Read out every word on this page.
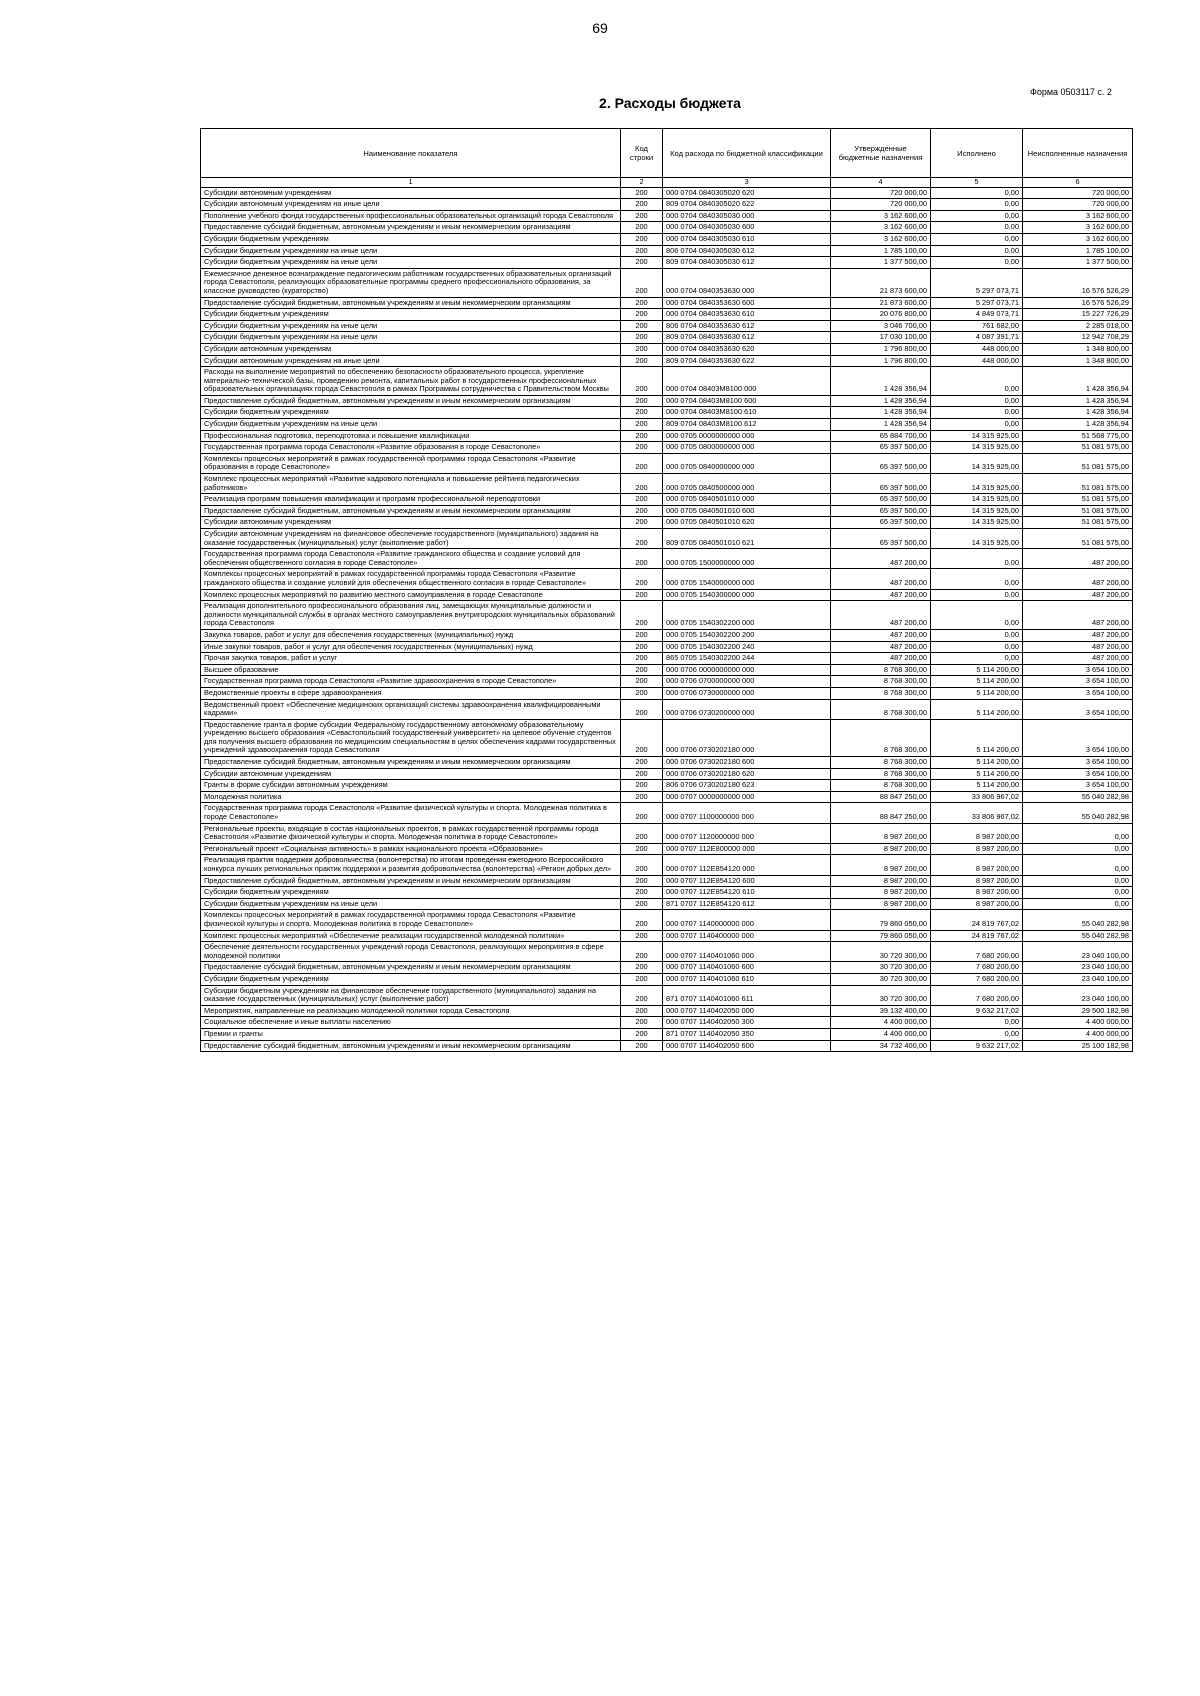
69
2. Расходы бюджета
Форма 0503117 с. 2
Наименование показателя	Код строки	Код расхода по бюджетной классификации	Утвержденные бюджетные назначения	Исполнено	Неисполненные назначения
1	2	3	4	5	6
Субсидии автономным учреждениям	200	000 0704 0840305020 620	720 000,00	0,00	720 000,00
Субсидии автономным учреждениям на иные цели	200	809 0704 0840305020 622	720 000,00	0,00	720 000,00
Пополнение учебного фонда государственных профессиональных образовательных организаций города Севастополя	200	000 0704 0840305030 000	3 162 600,00	0,00	3 162 600,00
Предоставление субсидий бюджетным, автономным учреждениям и иным некоммерческим организациям	200	000 0704 0840305030 600	3 162 600,00	0,00	3 162 600,00
Субсидии бюджетным учреждениям	200	000 0704 0840305030 610	3 162 600,00	0,00	3 162 600,00
Субсидии бюджетным учреждениям на иные цели	200	806 0704 0840305030 612	1 785 100,00	0,00	1 785 100,00
Субсидии бюджетным учреждениям на иные цели	200	809 0704 0840305030 612	1 377 500,00	0,00	1 377 500,00
Ежемесячное денежное вознаграждение педагогическим работникам государственных образовательных организаций города Севастополя, реализующих образовательные программы среднего профессионального образования, за классное руководство (кураторство)	200	000 0704 0840353630 000	21 873 600,00	5 297 073,71	16 576 526,29
Предоставление субсидий бюджетным, автономным учреждениям и иным некоммерческим организациям	200	000 0704 0840353630 600	21 873 600,00	5 297 073,71	16 576 526,29
Субсидии бюджетным учреждениям	200	000 0704 0840353630 610	20 076 800,00	4 849 073,71	15 227 726,29
Субсидии бюджетным учреждениям на иные цели	200	806 0704 0840353630 612	3 046 700,00	761 682,00	2 285 018,00
Субсидии бюджетным учреждениям на иные цели	200	809 0704 0840353630 612	17 030 100,00	4 087 391,71	12 942 708,29
Субсидии автономным учреждениям	200	000 0704 0840353630 620	1 796 800,00	448 000,00	1 348 800,00
Субсидии автономным учреждениям на иные цели	200	809 0704 0840353630 622	1 796 800,00	448 000,00	1 348 800,00
Расходы на выполнение мероприятий по обеспечению безопасности образовательного процесса, укрепление материально-технической базы, проведению ремонта, капитальных работ в государственных профессиональных образовательных организациях города Севастополя в рамках Программы сотрудничества с Правительством Москвы	200	000 0704 08403М8100 000	1 428 356,94	0,00	1 428 356,94
Предоставление субсидий бюджетным, автономным учреждениям и иным некоммерческим организациям	200	000 0704 08403М8100 600	1 428 356,94	0,00	1 428 356,94
Субсидии бюджетным учреждениям	200	000 0704 08403М8100 610	1 428 356,94	0,00	1 428 356,94
Субсидии бюджетным учреждениям на иные цели	200	809 0704 08403М8100 612	1 428 356,94	0,00	1 428 356,94
Профессиональная подготовка, переподготовка и повышение квалификации	200	000 0705 0000000000 000	65 884 700,00	14 315 925,00	51 568 775,00
Государственная программа города Севастополя «Развитие образования в городе Севастополе»	200	000 0705 0800000000 000	65 397 500,00	14 315 925,00	51 081 575,00
Комплексы процессных мероприятий в рамках государственной программы города Севастополя «Развитие образования в городе Севастополе»	200	000 0705 0840000000 000	65 397 500,00	14 315 925,00	51 081 575,00
Комплекс процессных мероприятий «Развитие кадрового потенциала и повышение рейтинга педагогических работников»	200	000 0705 0840500000 000	65 397 500,00	14 315 925,00	51 081 575,00
Реализация программ повышения квалификации и программ профессиональной переподготовки	200	000 0705 0840501010 000	65 397 500,00	14 315 925,00	51 081 575,00
Предоставление субсидий бюджетным, автономным учреждениям и иным некоммерческим организациям	200	000 0705 0840501010 600	65 397 500,00	14 315 925,00	51 081 575,00
Субсидии автономным учреждениям	200	000 0705 0840501010 620	65 397 500,00	14 315 925,00	51 081 575,00
Субсидии автономным учреждениям на финансовое обеспечение государственного (муниципального) задания на оказание государственных (муниципальных) услуг (выполнение работ)	200	809 0705 0840501010 621	65 397 500,00	14 315 925,00	51 081 575,00
Государственная программа города Севастополя «Развитие гражданского общества и создание условий для обеспечения общественного согласия в городе Севастополе»	200	000 0705 1500000000 000	487 200,00	0,00	487 200,00
Комплексы процессных мероприятий в рамках государственной программы города Севастополя «Развитие гражданского общества и создание условий для обеспечения общественного согласия в городе Севастополе»	200	000 0705 1540000000 000	487 200,00	0,00	487 200,00
Комплекс процессных мероприятий по развитию местного самоуправления в городе Севастополе	200	000 0705 1540300000 000	487 200,00	0,00	487 200,00
Реализация дополнительного профессионального образования лиц, замещающих муниципальные должности и должности муниципальной службы в органах местного самоуправления внутригородских муниципальных образований города Севастополя	200	000 0705 1540302200 000	487 200,00	0,00	487 200,00
Закупка товаров, работ и услуг для обеспечения государственных (муниципальных) нужд	200	000 0705 1540302200 200	487 200,00	0,00	487 200,00
Иные закупки товаров, работ и услуг для обеспечения государственных (муниципальных) нужд	200	000 0705 1540302200 240	487 200,00	0,00	487 200,00
Прочая закупка товаров, работ и услуг	200	865 0705 1540302200 244	487 200,00	0,00	487 200,00
Высшее образование	200	000 0706 0000000000 000	8 768 300,00	5 114 200,00	3 654 100,00
Государственная программа города Севастополя «Развитие здравоохранения в городе Севастополе»	200	000 0706 0700000000 000	8 768 300,00	5 114 200,00	3 654 100,00
Ведомственные проекты в сфере здравоохранения	200	000 0706 0730000000 000	8 768 300,00	5 114 200,00	3 654 100,00
Ведомственный проект «Обеспечение медицинских организаций системы здравоохранения квалифицированными кадрами»	200	000 0706 0730200000 000	8 768 300,00	5 114 200,00	3 654 100,00
Предоставление гранта в форме субсидии Федеральному государственному автономному образовательному учреждению высшего образования «Севастопольский государственный университет» на целевое обучение студентов для получения высшего образования по медицинским специальностям в целях обеспечения кадрами государственных учреждений здравоохранения города Севастополя	200	000 0706 0730202180 000	8 768 300,00	5 114 200,00	3 654 100,00
Предоставление субсидий бюджетным, автономным учреждениям и иным некоммерческим организациям	200	000 0706 0730202180 600	8 768 300,00	5 114 200,00	3 654 100,00
Субсидии автономным учреждениям	200	000 0706 0730202180 620	8 768 300,00	5 114 200,00	3 654 100,00
Гранты в форме субсидии автономным учреждениям	200	806 0706 0730202180 623	8 768 300,00	5 114 200,00	3 654 100,00
Молодежная политика	200	000 0707 0000000000 000	88 847 250,00	33 806 967,02	55 040 282,98
Государственная программа города Севастополя «Развитие физической культуры и спорта. Молодежная политика в городе Севастополе»	200	000 0707 1100000000 000	88 847 250,00	33 806 967,02	55 040 282,98
Региональные проекты, входящие в состав национальных проектов, в рамках государственной программы города Севастополя «Развитие физической культуры и спорта. Молодежная политика в городе Севастополе»	200	000 0707 1120000000 000	8 987 200,00	8 987 200,00	0,00
Региональный проект «Социальная активность» в рамках национального проекта «Образование»	200	000 0707 112E800000 000	8 987 200,00	8 987 200,00	0,00
Реализация практик поддержки добровольчества (волонтерства) по итогам проведения ежегодного Всероссийского конкурса лучших региональных практик поддержки и развития добровольчества (волонтерства) «Регион добрых дел»	200	000 0707 112E854120 000	8 987 200,00	8 987 200,00	0,00
Предоставление субсидий бюджетным, автономным учреждениям и иным некоммерческим организациям	200	000 0707 112E854120 600	8 987 200,00	8 987 200,00	0,00
Субсидии бюджетным учреждениям	200	000 0707 112E854120 610	8 987 200,00	8 987 200,00	0,00
Субсидии бюджетным учреждениям на иные цели	200	871 0707 112E854120 612	8 987 200,00	8 987 200,00	0,00
Комплексы процессных мероприятий в рамках государственной программы города Севастополя «Развитие физической культуры и спорта. Молодежная политика в городе Севастополе»	200	000 0707 1140000000 000	79 860 050,00	24 819 767,02	55 040 282,98
Комплекс процессных мероприятий «Обеспечение реализации государственной молодежной политики»	200	000 0707 1140400000 000	79 860 050,00	24 819 767,02	55 040 282,98
Обеспечение деятельности государственных учреждений города Севастополя, реализующих мероприятия в сфере молодежной политики	200	000 0707 1140401060 000	30 720 300,00	7 680 200,00	23 040 100,00
Предоставление субсидий бюджетным, автономным учреждениям и иным некоммерческим организациям	200	000 0707 1140401060 600	30 720 300,00	7 680 200,00	23 040 100,00
Субсидии бюджетным учреждениям	200	000 0707 1140401060 610	30 720 300,00	7 680 200,00	23 040 100,00
Субсидии бюджетным учреждениям на финансовое обеспечение государственного (муниципального) задания на оказание государственных (муниципальных) услуг (выполнение работ)	200	871 0707 1140401060 611	30 720 300,00	7 680 200,00	23 040 100,00
Мероприятия, направленные на реализацию молодежной политики города Севастополя	200	000 0707 1140402050 000	39 132 400,00	9 632 217,02	29 500 182,98
Социальное обеспечение и иные выплаты населению	200	000 0707 1140402050 300	4 400 000,00	0,00	4 400 000,00
Премии и гранты	200	871 0707 1140402050 350	4 400 000,00	0,00	4 400 000,00
Предоставление субсидий бюджетным, автономным учреждениям и иным некоммерческим организациям	200	000 0707 1140402050 600	34 732 400,00	9 632 217,02	25 100 182,98
